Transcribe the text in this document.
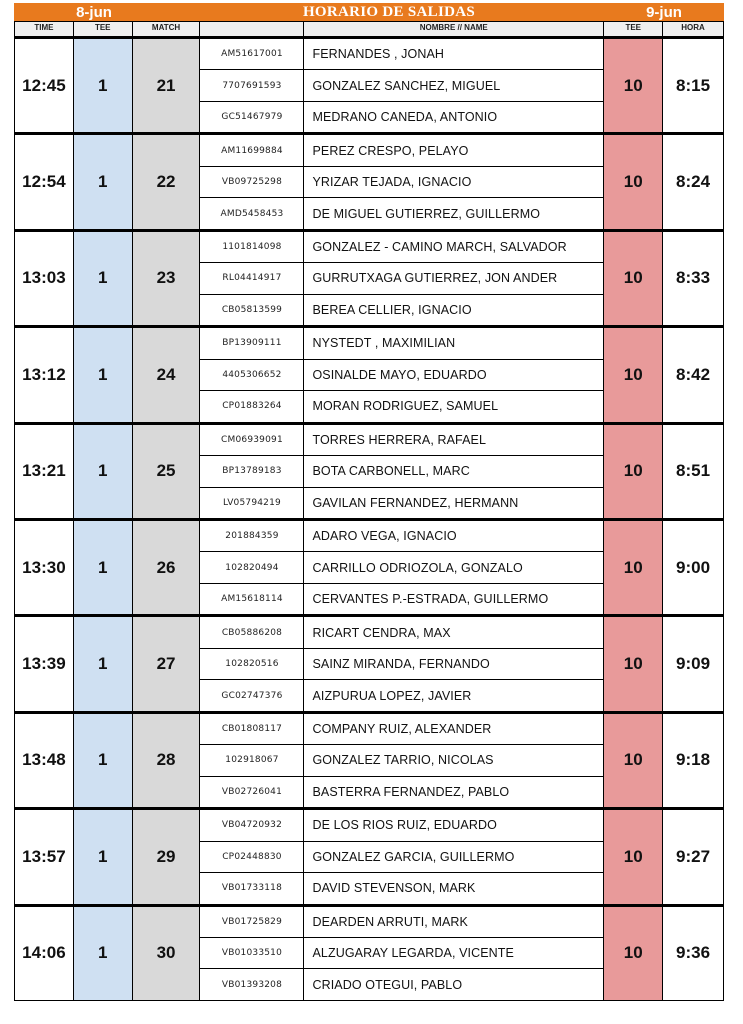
8-jun	HORARIO DE SALIDAS	9-jun
TIME	TEE	MATCH	NOMBRE // NAME	TEE	HORA
12:45	1	21
AM51617001	FERNANDES , JONAH
7707691593	GONZALEZ SANCHEZ, MIGUEL
GC51467979	MEDRANO CANEDA, ANTONIO
10	8:15
12:54	1	22
AM11699884	PEREZ CRESPO, PELAYO
VB09725298	YRIZAR TEJADA, IGNACIO
AMD5458453	DE MIGUEL GUTIERREZ, GUILLERMO
10	8:24
13:03	1	23
1101814098	GONZALEZ - CAMINO MARCH, SALVADOR
RL04414917	GURRUTXAGA GUTIERREZ, JON ANDER
CB05813599	BEREA CELLIER, IGNACIO
10	8:33
13:12	1	24
BP13909111	NYSTEDT , MAXIMILIAN
4405306652	OSINALDE MAYO, EDUARDO
CP01883264	MORAN RODRIGUEZ, SAMUEL
10	8:42
13:21	1	25
CM06939091	TORRES HERRERA, RAFAEL
BP13789183	BOTA CARBONELL, MARC
LV05794219	GAVILAN FERNANDEZ, HERMANN
10	8:51
13:30	1	26
201884359	ADARO VEGA, IGNACIO
102820494	CARRILLO ODRIOZOLA, GONZALO
AM15618114	CERVANTES P.-ESTRADA, GUILLERMO
10	9:00
13:39	1	27
CB05886208	RICART CENDRA, MAX
102820516	SAINZ MIRANDA, FERNANDO
GC02747376	AIZPURUA LOPEZ, JAVIER
10	9:09
13:48	1	28
CB01808117	COMPANY RUIZ, ALEXANDER
102918067	GONZALEZ TARRIO, NICOLAS
VB02726041	BASTERRA FERNANDEZ, PABLO
10	9:18
13:57	1	29
VB04720932	DE LOS RIOS RUIZ, EDUARDO
CP02448830	GONZALEZ GARCIA, GUILLERMO
VB01733118	DAVID STEVENSON, MARK
10	9:27
14:06	1	30
VB01725829	DEARDEN ARRUTI, MARK
VB01033510	ALZUGARAY LEGARDA, VICENTE
VB01393208	CRIADO OTEGUI, PABLO
10	9:36
